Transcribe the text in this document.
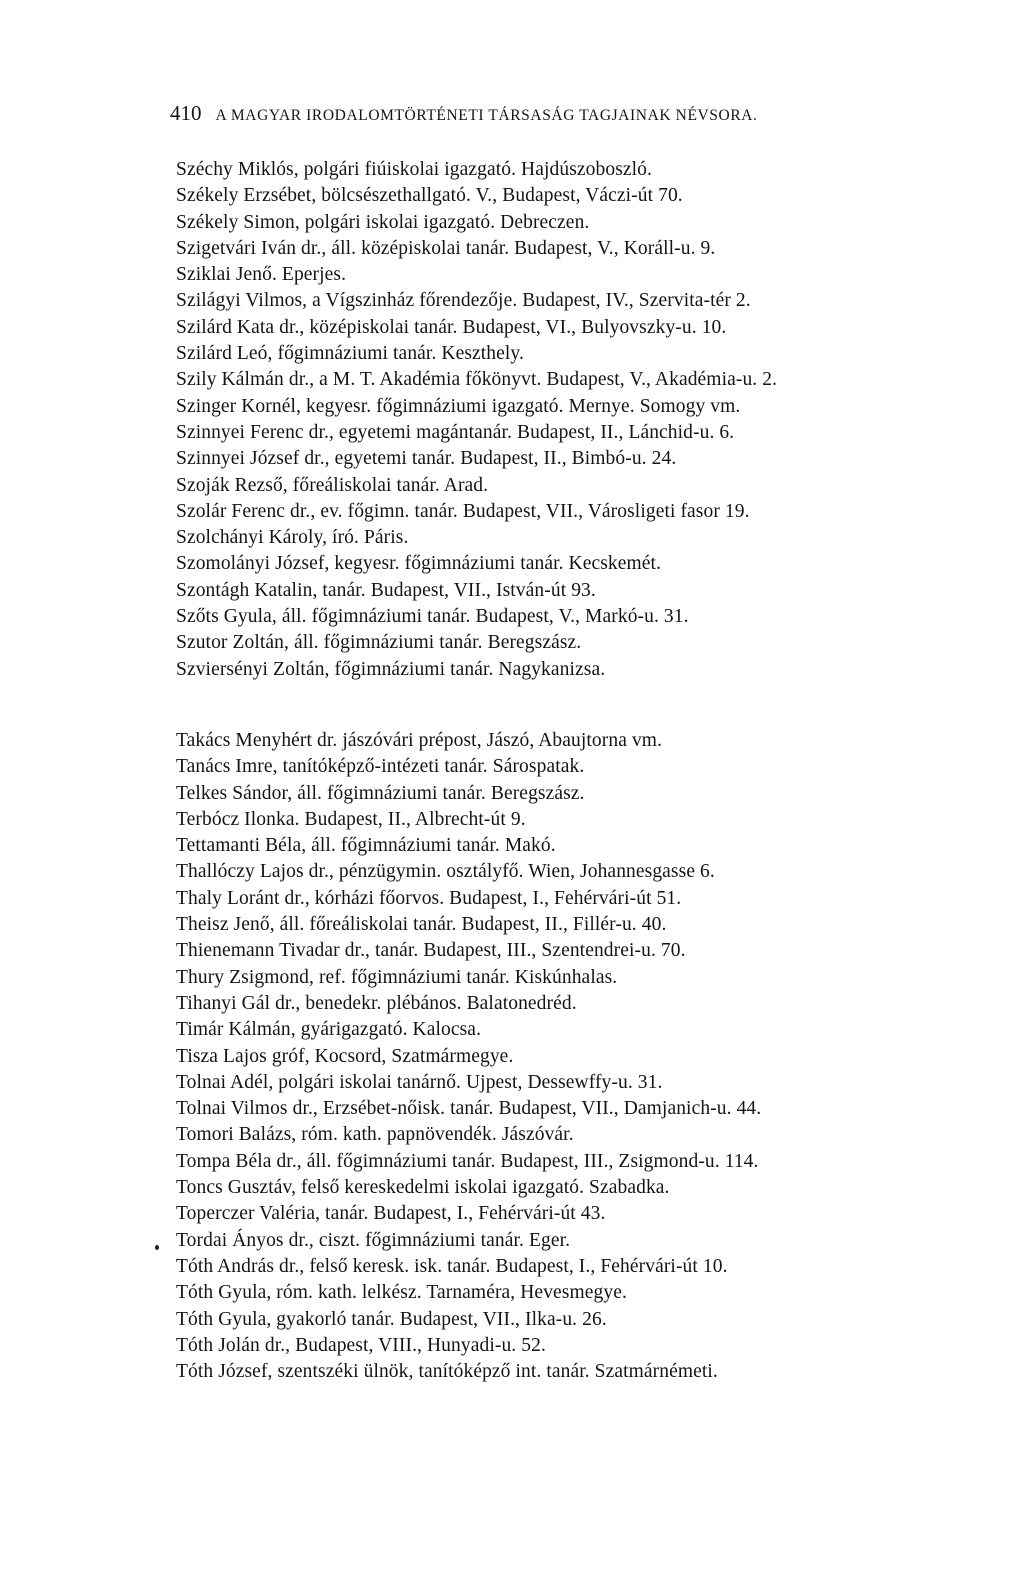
410 A MAGYAR IRODALOMTÖRTÉNETI TÁRSASÁG TAGJAINAK NÉVSORA.
Széchy Miklós, polgári fiúiskolai igazgató. Hajdúszoboszló.
Székely Erzsébet, bölcsészethallgató. V., Budapest, Váczi-út 70.
Székely Simon, polgári iskolai igazgató. Debreczen.
Szigetvári Iván dr., áll. középiskolai tanár. Budapest, V., Koráll-u. 9.
Sziklai Jenő. Eperjes.
Szilágyi Vilmos, a Vígszinház főrendezője. Budapest, IV., Szervita-tér 2.
Szilárd Kata dr., középiskolai tanár. Budapest, VI., Bulyovszky-u. 10.
Szilárd Leó, főgimnáziumi tanár. Keszthely.
Szily Kálmán dr., a M. T. Akadémia főkönyvt. Budapest, V., Akadémia-u. 2.
Szinger Kornél, kegyesr. főgimnáziumi igazgató. Mernye. Somogy vm.
Szinnyei Ferenc dr., egyetemi magántanár. Budapest, II., Lánchid-u. 6.
Szinnyei József dr., egyetemi tanár. Budapest, II., Bimbó-u. 24.
Szoják Rezső, főreáliskolai tanár. Arad.
Szolár Ferenc dr., ev. főgimn. tanár. Budapest, VII., Városligeti fasor 19.
Szolchányi Károly, író. Páris.
Szomolányi József, kegyesr. főgimnáziumi tanár. Kecskemét.
Szontágh Katalin, tanár. Budapest, VII., István-út 93.
Szőts Gyula, áll. főgimnáziumi tanár. Budapest, V., Markó-u. 31.
Szutor Zoltán, áll. főgimnáziumi tanár. Beregszász.
Szviersényi Zoltán, főgimnáziumi tanár. Nagykanizsa.
Takács Menyhért dr. jászóvári prépost, Jászó, Abaujtorna vm.
Tanács Imre, tanítóképző-intézeti tanár. Sárospatak.
Telkes Sándor, áll. főgimnáziumi tanár. Beregszász.
Terbócz Ilonka. Budapest, II., Albrecht-út 9.
Tettamanti Béla, áll. főgimnáziumi tanár. Makó.
Thallóczy Lajos dr., pénzügymin. osztályfő. Wien, Johannesgasse 6.
Thaly Loránt dr., kórházi főorvos. Budapest, I., Fehérvári-út 51.
Theisz Jenő, áll. főreáliskolai tanár. Budapest, II., Fillér-u. 40.
Thienemann Tivadar dr., tanár. Budapest, III., Szentendrei-u. 70.
Thury Zsigmond, ref. főgimnáziumi tanár. Kiskúnhalas.
Tihanyi Gál dr., benedekr. plébános. Balatonedréd.
Timár Kálmán, gyárigazgató. Kalocsa.
Tisza Lajos gróf, Kocsord, Szatmármegye.
Tolnai Adél, polgári iskolai tanárnő. Ujpest, Dessewffy-u. 31.
Tolnai Vilmos dr., Erzsébet-nőisk. tanár. Budapest, VII., Damjanich-u. 44.
Tomori Balázs, róm. kath. papnövendék. Jászóvár.
Tompa Béla dr., áll. főgimnáziumi tanár. Budapest, III., Zsigmond-u. 114.
Toncs Gusztáv, felső kereskedelmi iskolai igazgató. Szabadka.
Toperczer Valéria, tanár. Budapest, I., Fehérvári-út 43.
Tordai Ányos dr., ciszt. főgimnáziumi tanár. Eger.
Tóth András dr., felső keresk. isk. tanár. Budapest, I., Fehérvári-út 10.
Tóth Gyula, róm. kath. lelkész. Tarnaméra, Hevesmegye.
Tóth Gyula, gyakorló tanár. Budapest, VII., Ilka-u. 26.
Tóth Jolán dr., Budapest, VIII., Hunyadi-u. 52.
Tóth József, szentszéki ülnök, tanítóképző int. tanár. Szatmárnémeti.
